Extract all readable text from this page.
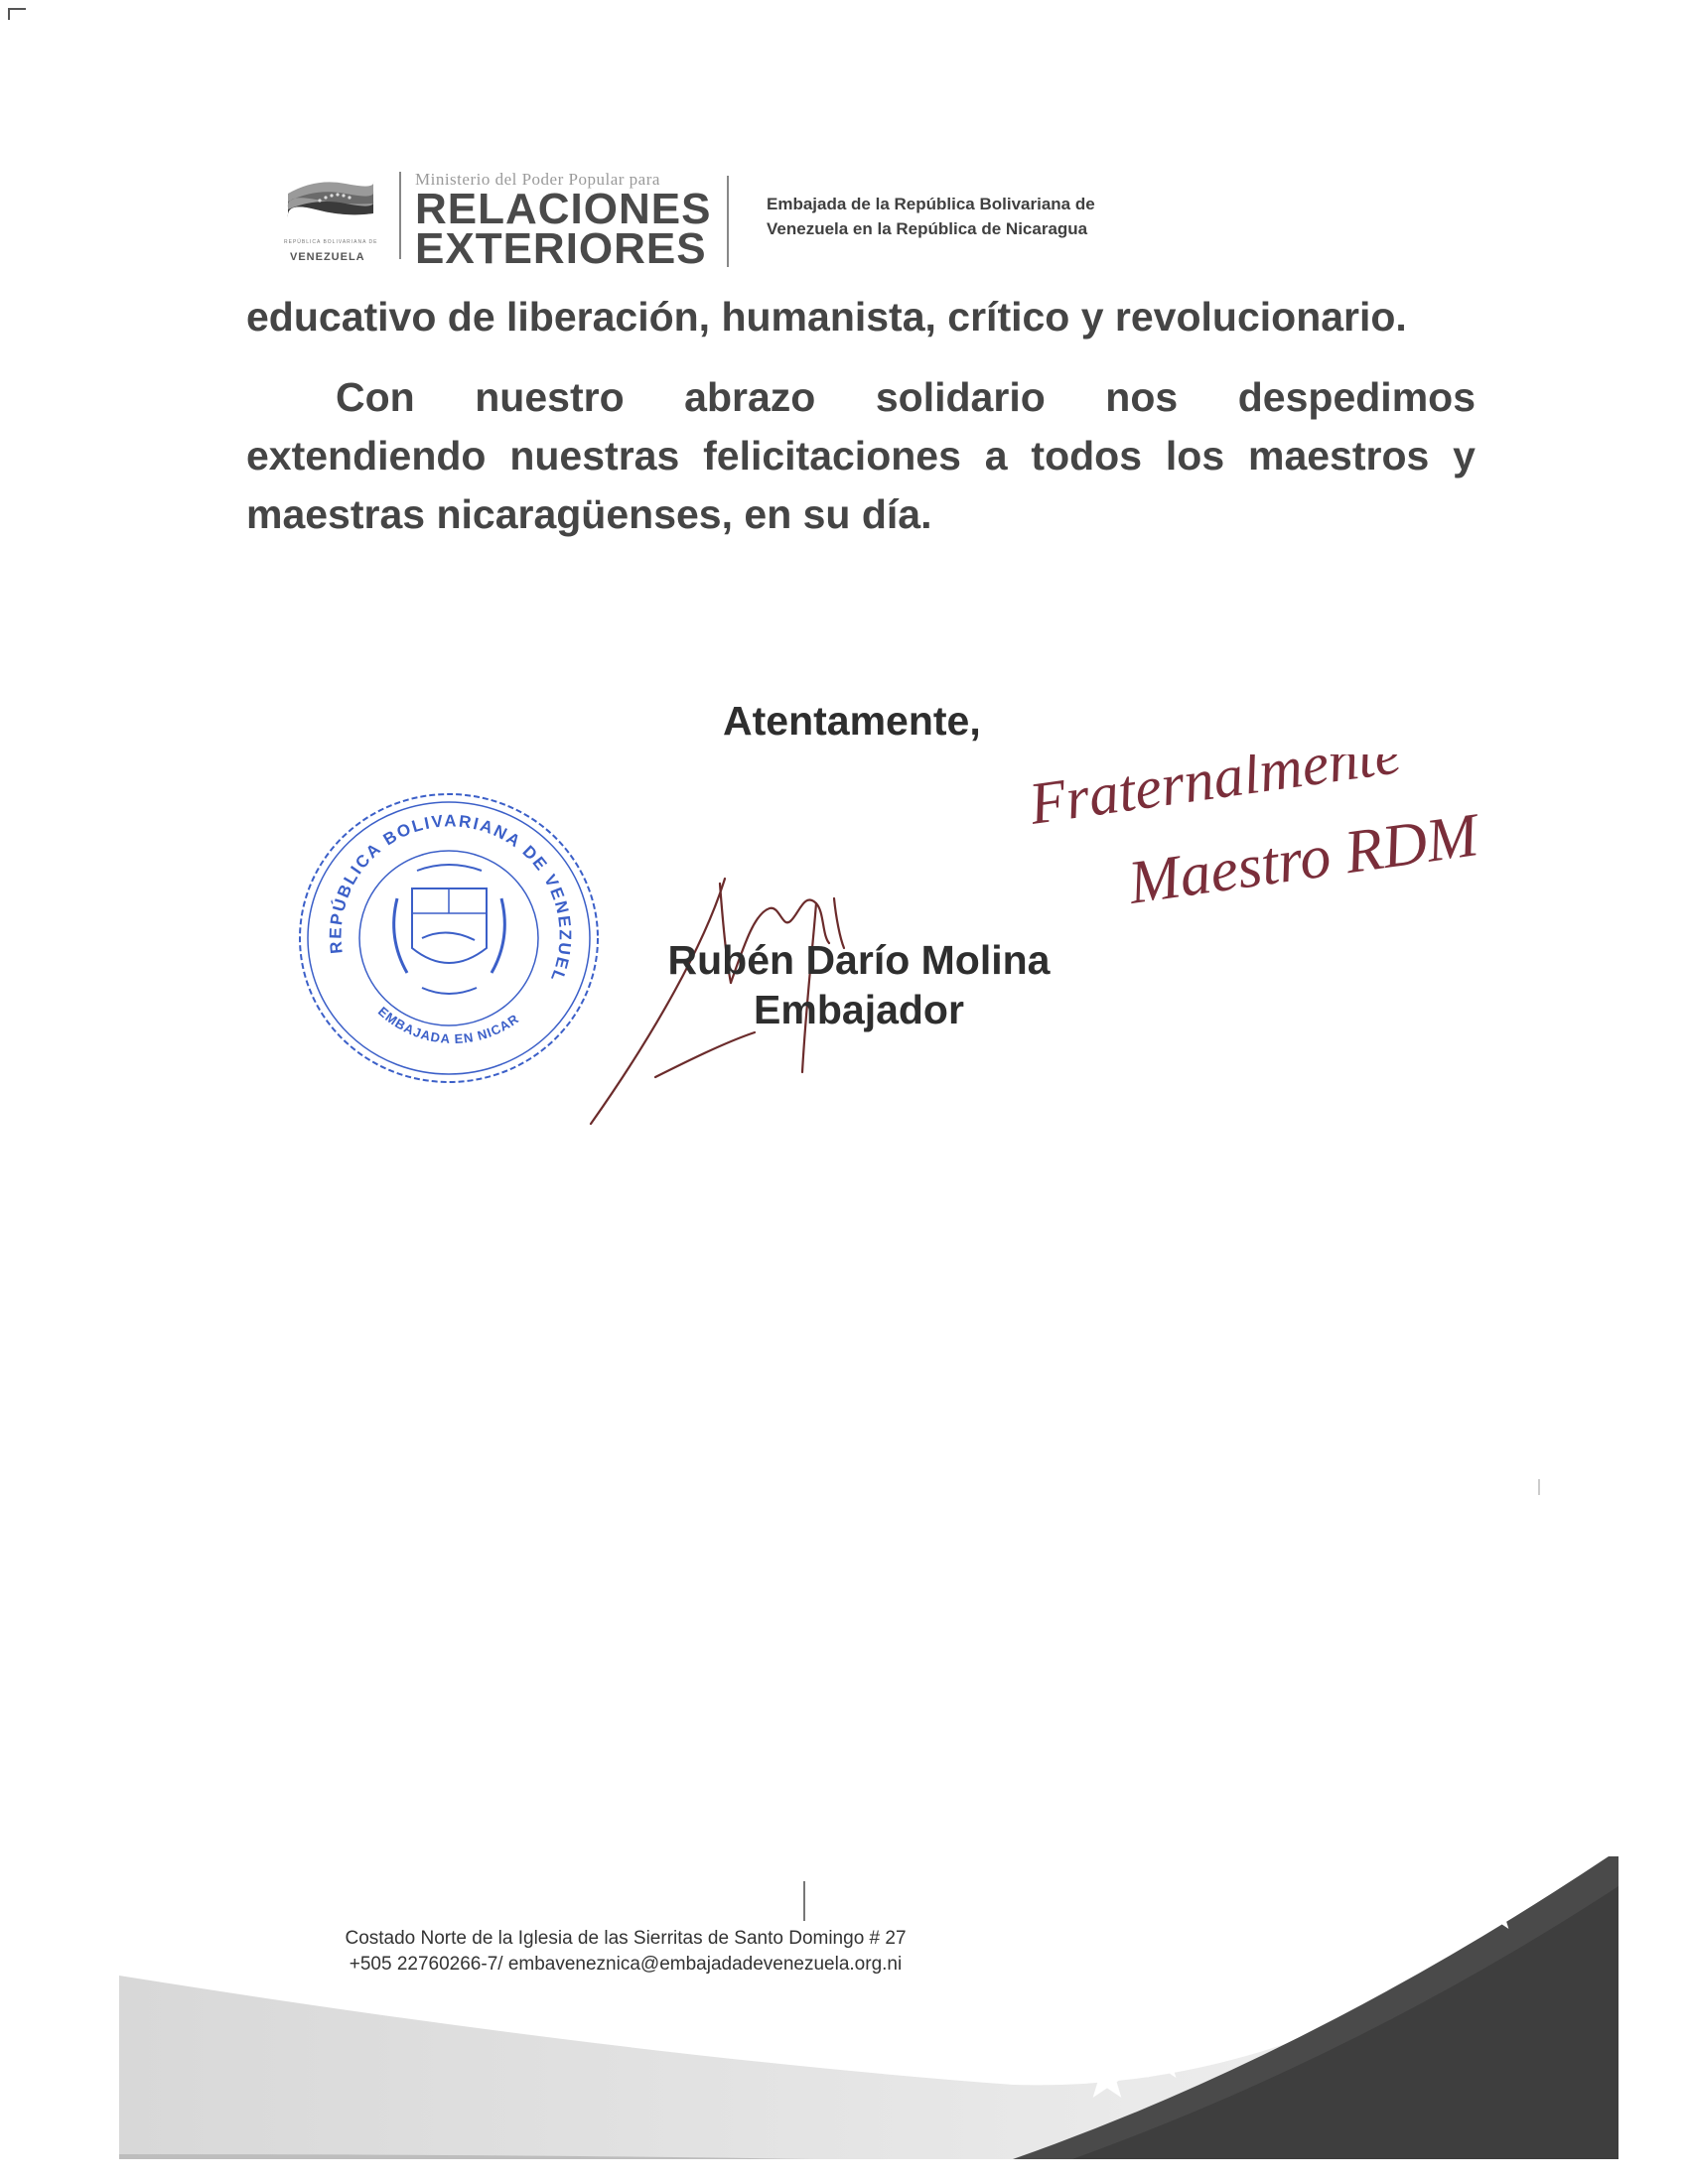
REPÚBLICA BOLIVARIANA DE
VENEZUELA
Ministerio del Poder Popular para
RELACIONES
EXTERIORES
Embajada de la República Bolivariana de
Venezuela en la República de Nicaragua

educativo de liberación, humanista, crítico y revolucionario.

Con nuestro abrazo solidario nos despedimos extendiendo nuestras felicitaciones a todos los maestros y maestras nicaragüenses, en su día.

Atentamente,
REPÚBLICA BOLIVARIANA DE VENEZUEL
EMBAJADA EN NICAR
Rubén Darío Molina
Embajador
Fraternalmente
Maestro RDM
Costado Norte de la Iglesia de las Sierritas de Santo Domingo # 27
+505 22760266-7/ embaveneznica@embajadadevenezuela.org.ni
